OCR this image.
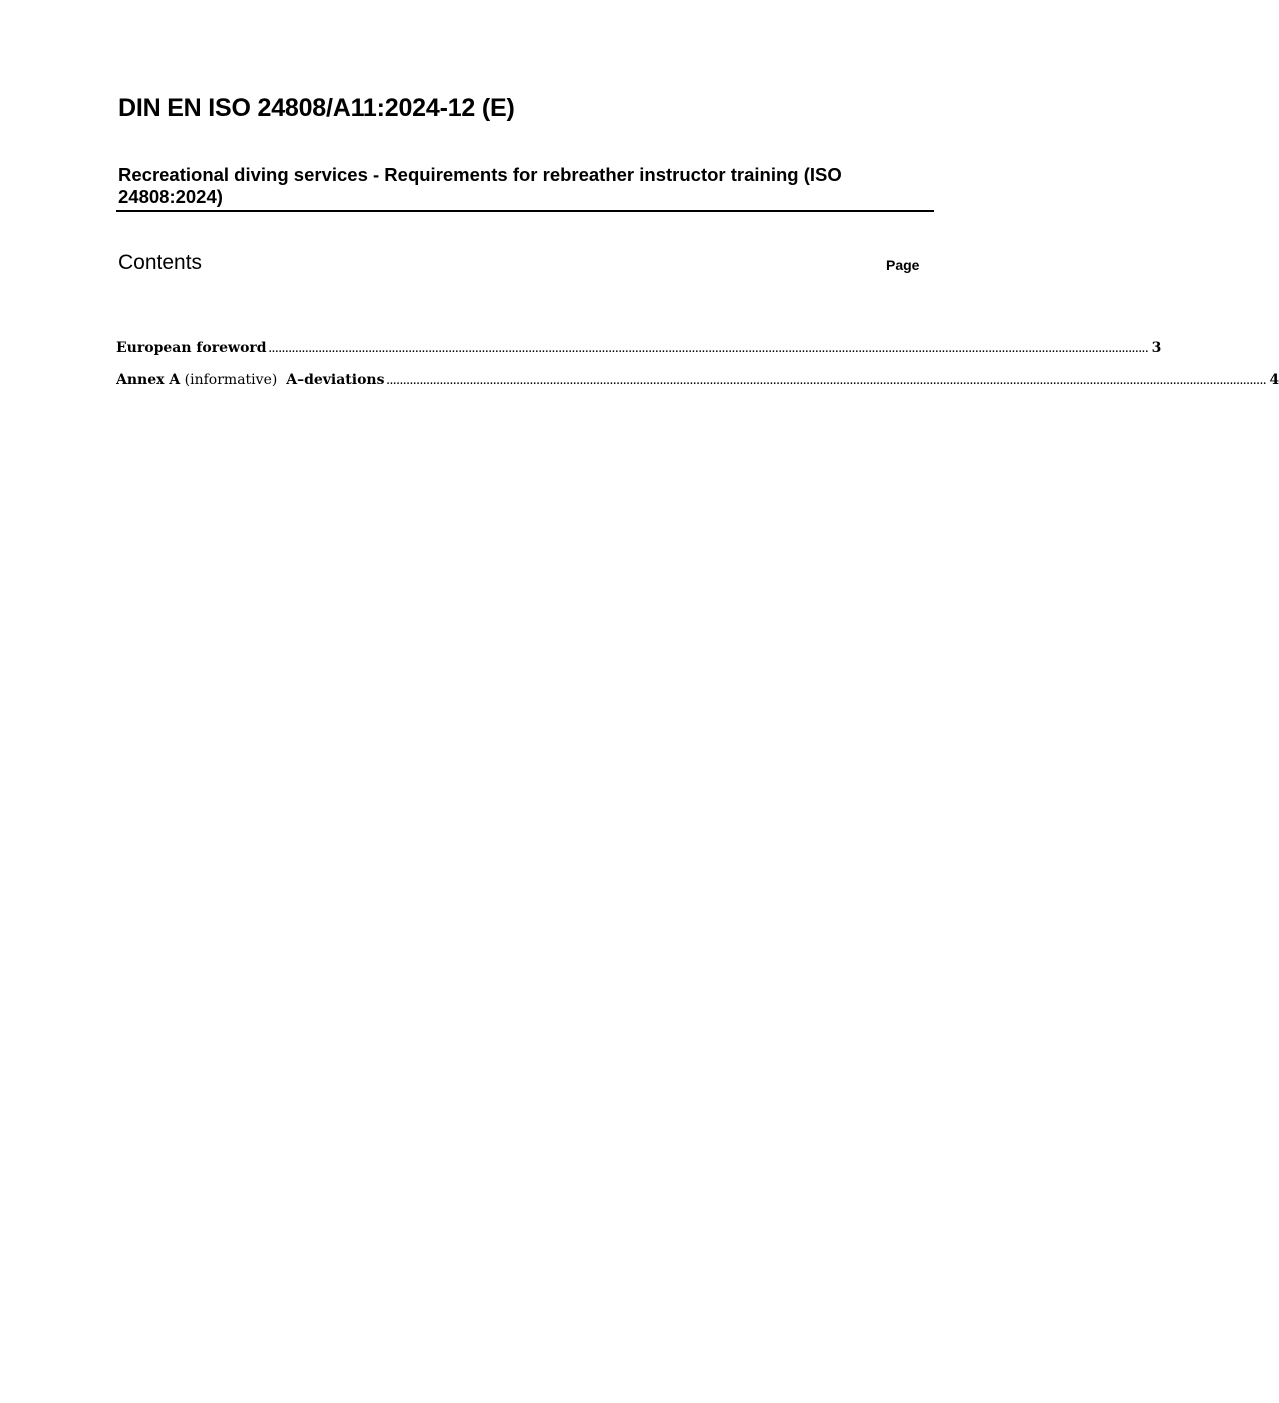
DIN EN ISO 24808/A11:2024-12 (E)
Recreational diving services - Requirements for rebreather instructor training (ISO 24808:2024)
Contents	Page
European foreword ........................................................................................................................................................................................................................................................................ 3
Annex A (informative) A–deviations ........................................................................................................................................................................................................................................................................ 4
